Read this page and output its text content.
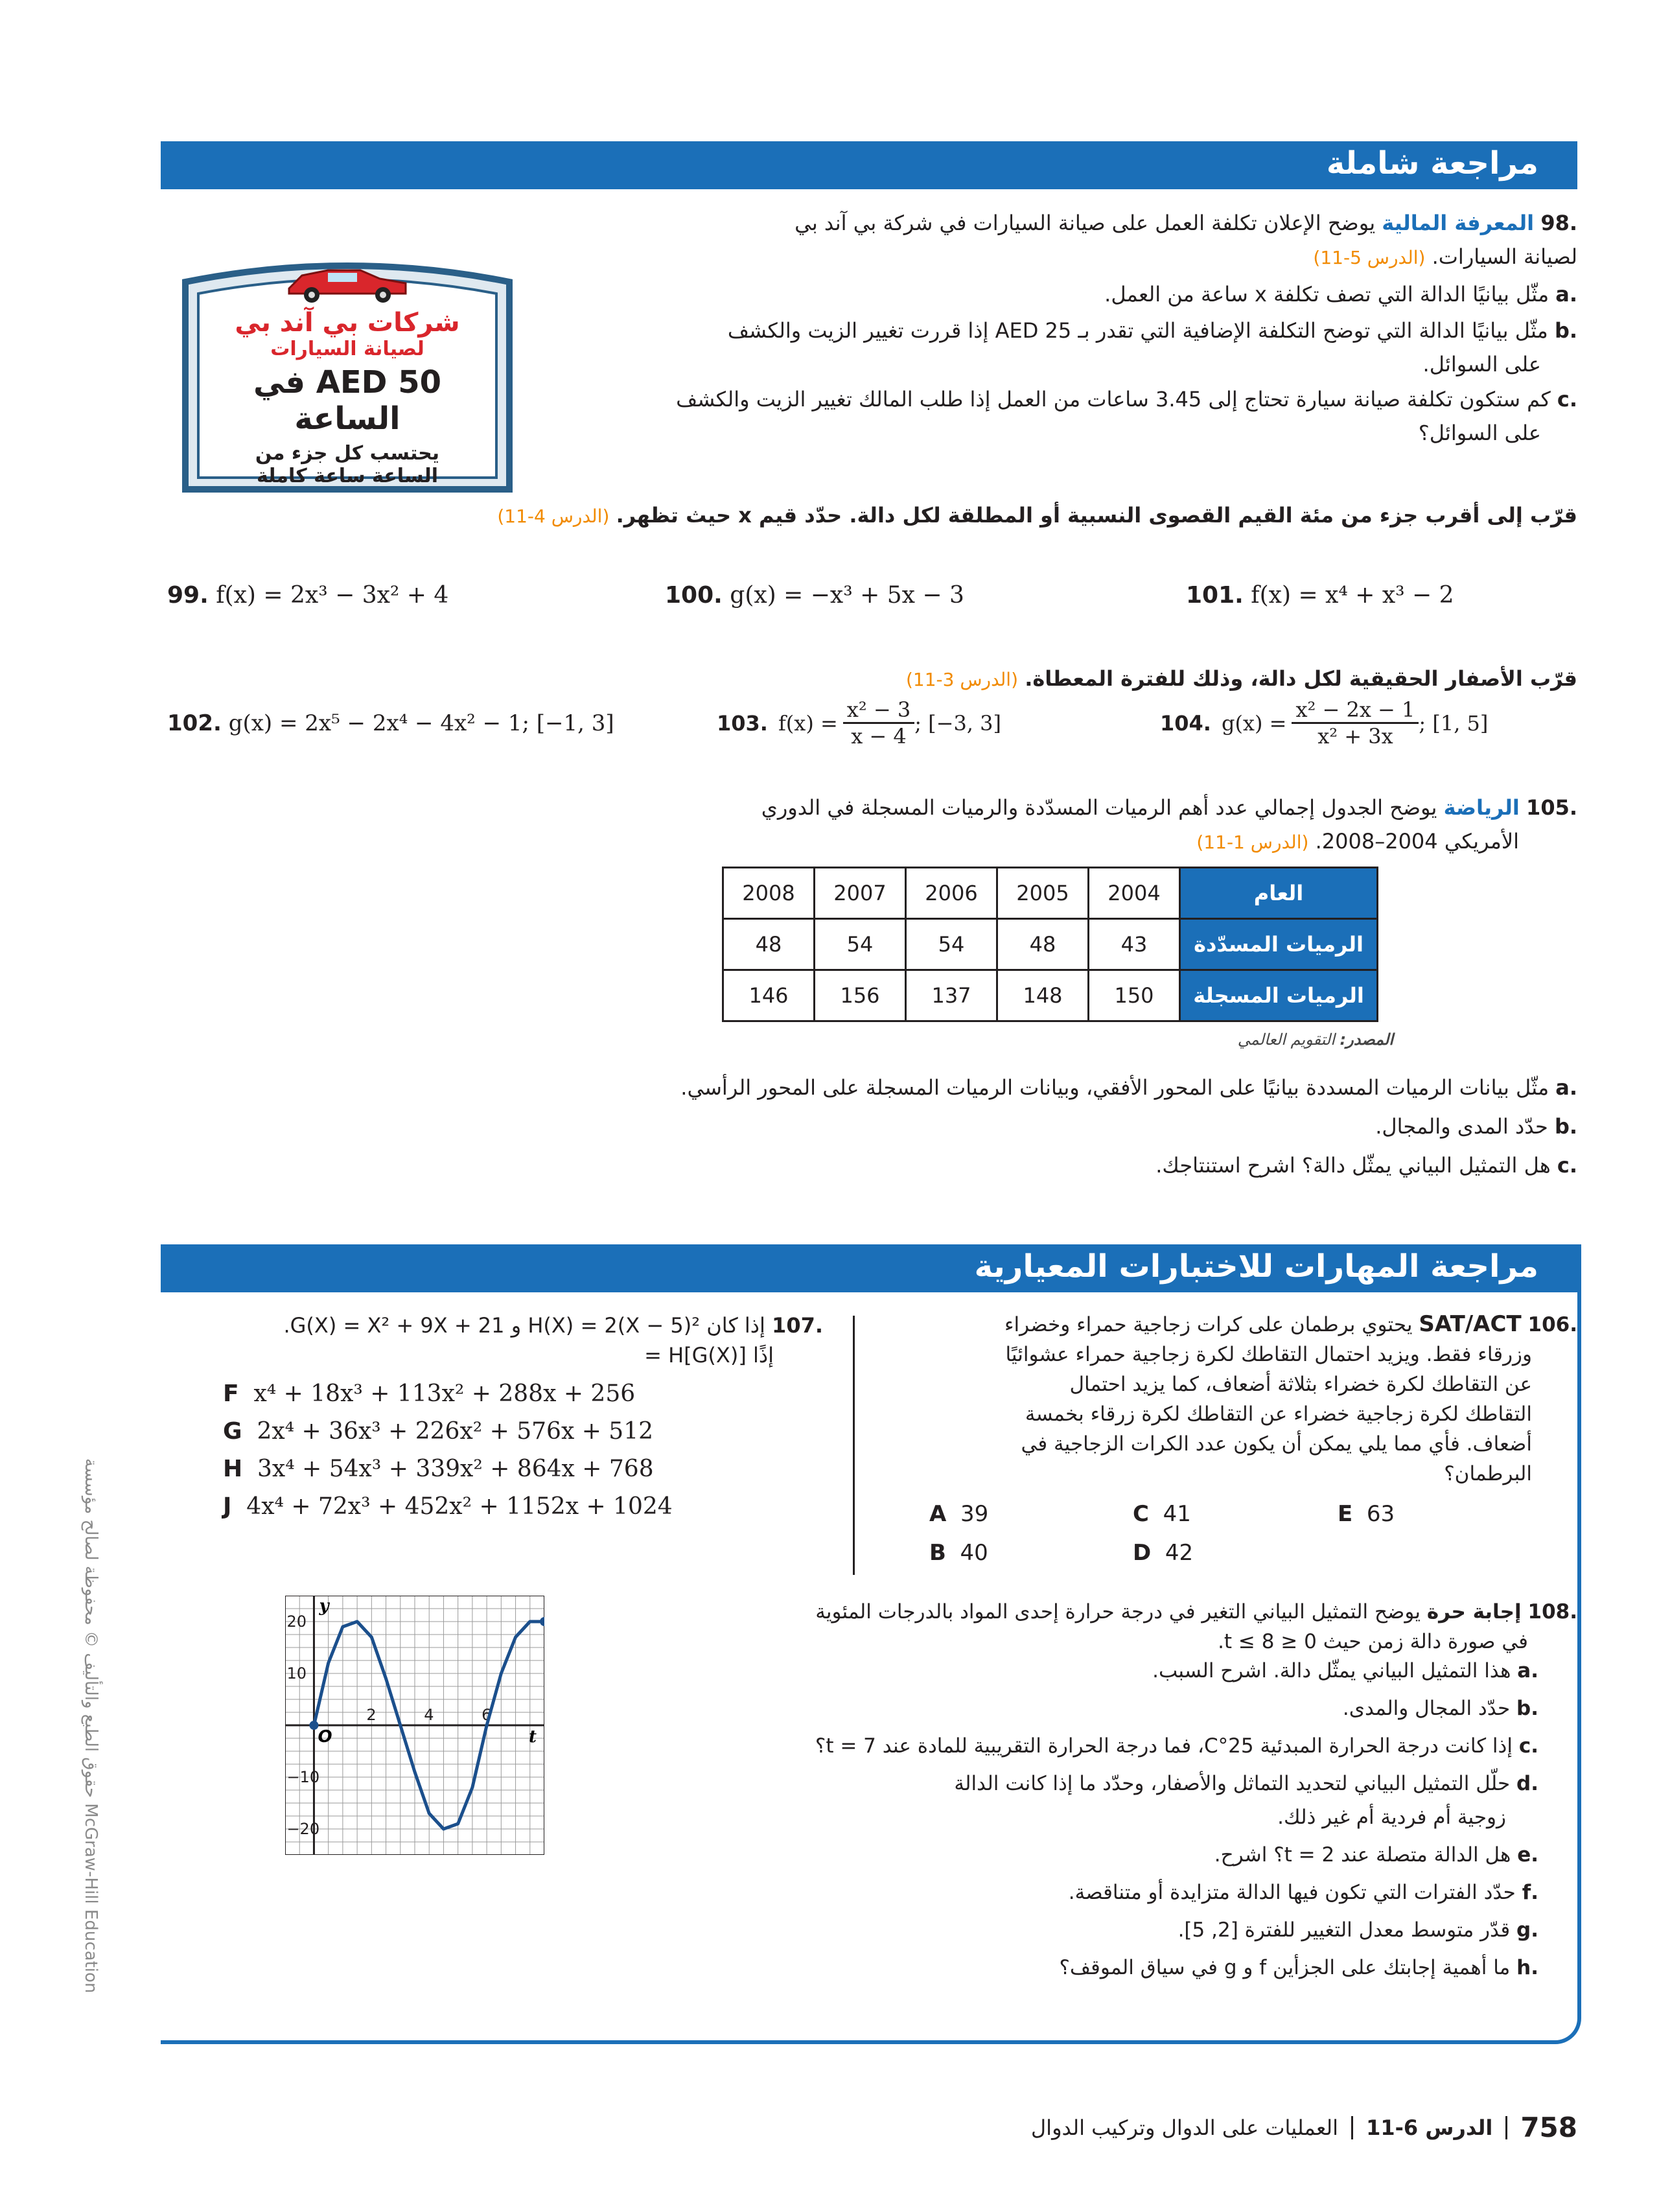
مراجعة شاملة
.98 المعرفة المالية يوضح الإعلان تكلفة العمل على صيانة السيارات في شركة بي آند بي
لصيانة السيارات. (الدرس 5-11)
.a مثّل بيانيًا الدالة التي تصف تكلفة x ساعة من العمل.
.b مثّل بيانيًا الدالة التي توضح التكلفة الإضافية التي تقدر بـ AED 25 إذا قررت تغيير الزيت والكشف
على السوائل.
.c كم ستكون تكلفة صيانة سيارة تحتاج إلى 3.45 ساعات من العمل إذا طلب المالك تغيير الزيت والكشف
على السوائل؟
شركات بي آند بي
لصيانة السيارات
AED 50 في الساعة
يحتسب كل جزء من
الساعة ساعة كاملة
قرّب إلى أقرب جزء من مئة القيم القصوى النسبية أو المطلقة لكل دالة. حدّد قيم x حيث تظهر. (الدرس 4-11)
99. f(x) = 2x³ − 3x² + 4	100. g(x) = −x³ + 5x − 3	101. f(x) = x⁴ + x³ − 2
قرّب الأصفار الحقيقية لكل دالة، وذلك للفترة المعطاة. (الدرس 3-11)
102. g(x) = 2x⁵ − 2x⁴ − 4x² − 1; [−1, 3]	103. $f(x) = \frac{\text{x² − 3}}{x - 4}$ ; [−3, 3]	104. $g(x) = \frac{\text{x² − 2x − 1}}{\text{x² + 3x}}$ ; [1, 5]
.105 الرياضة يوضح الجدول إجمالي عدد أهم الرميات المسدّدة والرميات المسجلة في الدوري
الأمريكي 2004–2008. (الدرس 1-11)
العام	2004	2005	2006	2007	2008
الرميات المسدّدة	43	48	54	54	48
الرميات المسجلة	150	148	137	156	146
المصدر: التقويم العالمي
.a مثّل بيانات الرميات المسددة بيانيًا على المحور الأفقي، وبيانات الرميات المسجلة على المحور الرأسي.
.b حدّد المدى والمجال.
.c هل التمثيل البياني يمثّل دالة؟ اشرح استنتاجك.
مراجعة المهارات للاختبارات المعيارية
.106 SAT/ACT يحتوي برطمان على كرات زجاجية حمراء وخضراء
وزرقاء فقط. ويزيد احتمال التقاطك لكرة زجاجية حمراء عشوائيًا
عن التقاطك لكرة خضراء بثلاثة أضعاف، كما يزيد احتمال
التقاطك لكرة زجاجية خضراء عن التقاطك لكرة زرقاء بخمسة
أضعاف. فأي مما يلي يمكن أن يكون عدد الكرات الزجاجية في
البرطمان؟
A 39
B 40
C 41
D 42
E 63
.107 إذا كان H(X) = 2(X − 5)² و G(X) = X² + 9X + 21.
إذًا H[G(X)] =
F x⁴ + 18x³ + 113x² + 288x + 256
G 2x⁴ + 36x³ + 226x² + 576x + 512
H 3x⁴ + 54x³ + 339x² + 864x + 768
J 4x⁴ + 72x³ + 452x² + 1152x + 1024
2	4	6
20
10
−10
−20
O	t
y	.108 إجابة حرة يوضح التمثيل البياني التغير في درجة حرارة إحدى المواد بالدرجات المئوية
في صورة دالة زمن حيث 0 ≤ t ≤ 8.
.a هذا التمثيل البياني يمثّل دالة. اشرح السبب.
.b حدّد المجال والمدى.
.c إذا كانت درجة الحرارة المبدئية 25°C، فما درجة الحرارة التقريبية للمادة عند t = 7؟
.d حلّل التمثيل البياني لتحديد التماثل والأصفار، وحدّد ما إذا كانت الدالة
زوجية أم فردية أم غير ذلك.
.e هل الدالة متصلة عند t = 2؟ اشرح.
.f حدّد الفترات التي تكون فيها الدالة متزايدة أو متناقصة.
.g قدّر متوسط معدل التغيير للفترة [2, 5].
.h ما أهمية إجابتك على الجزأين f و g في سياق الموقف؟
حقوق الطبع والتأليف © محفوظة لصالح مؤسسة McGraw-Hill Education
758
الدرس 6-11
العمليات على الدوال وتركيب الدوال
